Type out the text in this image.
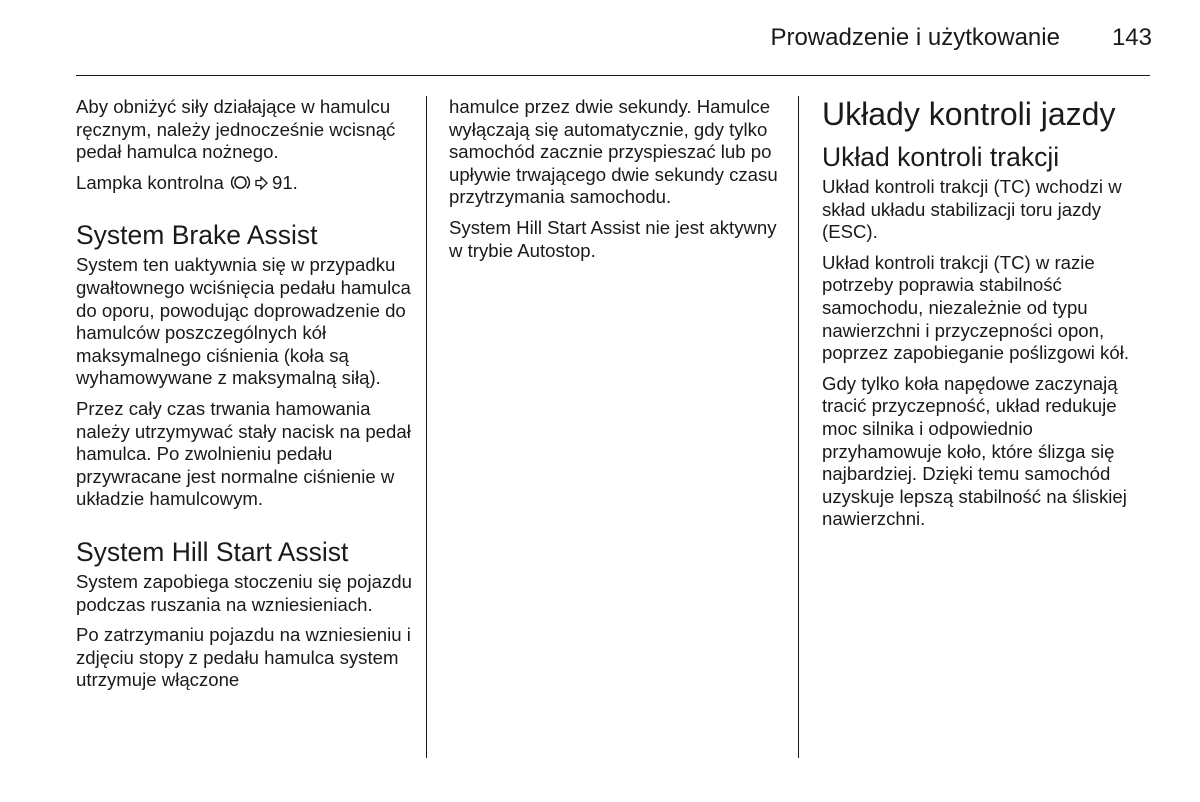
Prowadzenie i użytkowanie 143

Aby obniżyć siły działające w hamulcu ręcznym, należy jednocześnie wcisnąć pedał hamulca nożnego.

Lampka kontrolna	91.

System Brake Assist

System ten uaktywnia się w przypadku gwałtownego wciśnięcia pedału hamulca do oporu, powodując doprowadzenie do hamulców poszczególnych kół maksymalnego ciśnienia (koła są wyhamowywane z maksymalną siłą).

Przez cały czas trwania hamowania należy utrzymywać stały nacisk na pedał hamulca. Po zwolnieniu pedału przywracane jest normalne ciśnienie w układzie hamulcowym.

System Hill Start Assist

System zapobiega stoczeniu się pojazdu podczas ruszania na wzniesieniach.

Po zatrzymaniu pojazdu na wzniesieniu i zdjęciu stopy z pedału hamulca system utrzymuje włączone

hamulce przez dwie sekundy. Hamulce wyłączają się automatycznie, gdy tylko samochód zacznie przyspieszać lub po upływie trwającego dwie sekundy czasu przytrzymania samochodu.

System Hill Start Assist nie jest aktywny w trybie Autostop.

Układy kontroli jazdy
Układ kontroli trakcji

Układ kontroli trakcji (TC) wchodzi w skład układu stabilizacji toru jazdy (ESC).

Układ kontroli trakcji (TC) w razie potrzeby poprawia stabilność samochodu, niezależnie od typu nawierzchni i przyczepności opon, poprzez zapobieganie poślizgowi kół.

Gdy tylko koła napędowe zaczynają tracić przyczepność, układ redukuje moc silnika i odpowiednio przyhamowuje koło, które ślizga się najbardziej. Dzięki temu samochód uzyskuje lepszą stabilność na śliskiej nawierzchni.
